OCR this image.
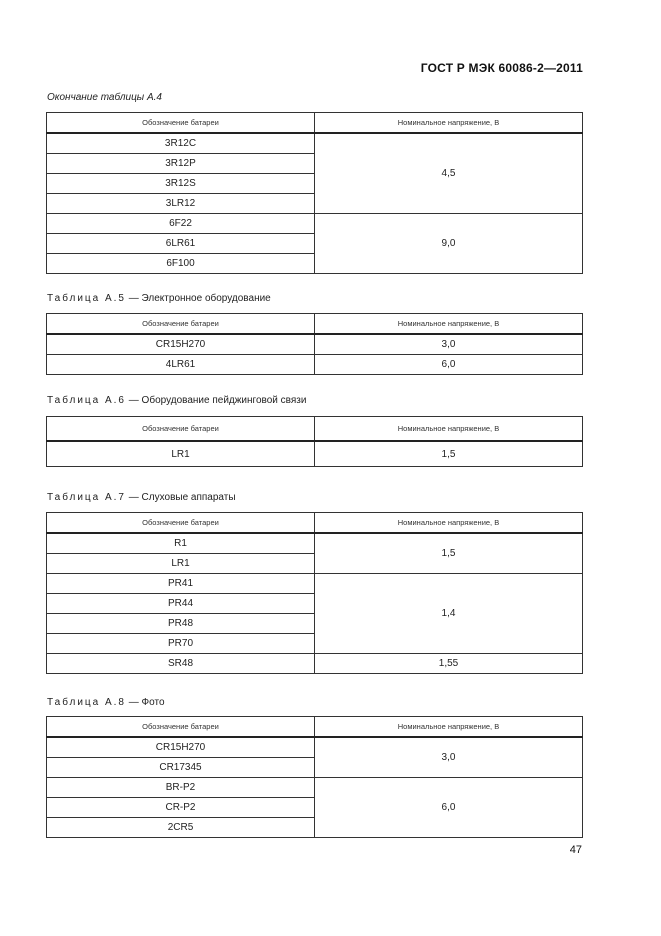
ГОСТ Р МЭК 60086-2—2011
Окончание таблицы А.4
Обозначение батареи	Номинальное напряжение, В
3R12C	4,5
3R12P	
3R12S	
3LR12	
6F22	9,0
6LR61	
6F100	
Таблица А.5 — Электронное оборудование
Обозначение батареи	Номинальное напряжение, В
CR15H270	3,0
4LR61	6,0
Таблица А.6 — Оборудование пейджинговой связи
Обозначение батареи	Номинальное напряжение, В
LR1	1,5
Таблица А.7 — Слуховые аппараты
Обозначение батареи	Номинальное напряжение, В
R1	1,5
LR1	
PR41	1,4
PR44	
PR48	
PR70	
SR48	1,55
Таблица А.8 — Фото
Обозначение батареи	Номинальное напряжение, В
CR15H270	3,0
CR17345	
BR-P2	6,0
CR-P2	
2CR5	
47
